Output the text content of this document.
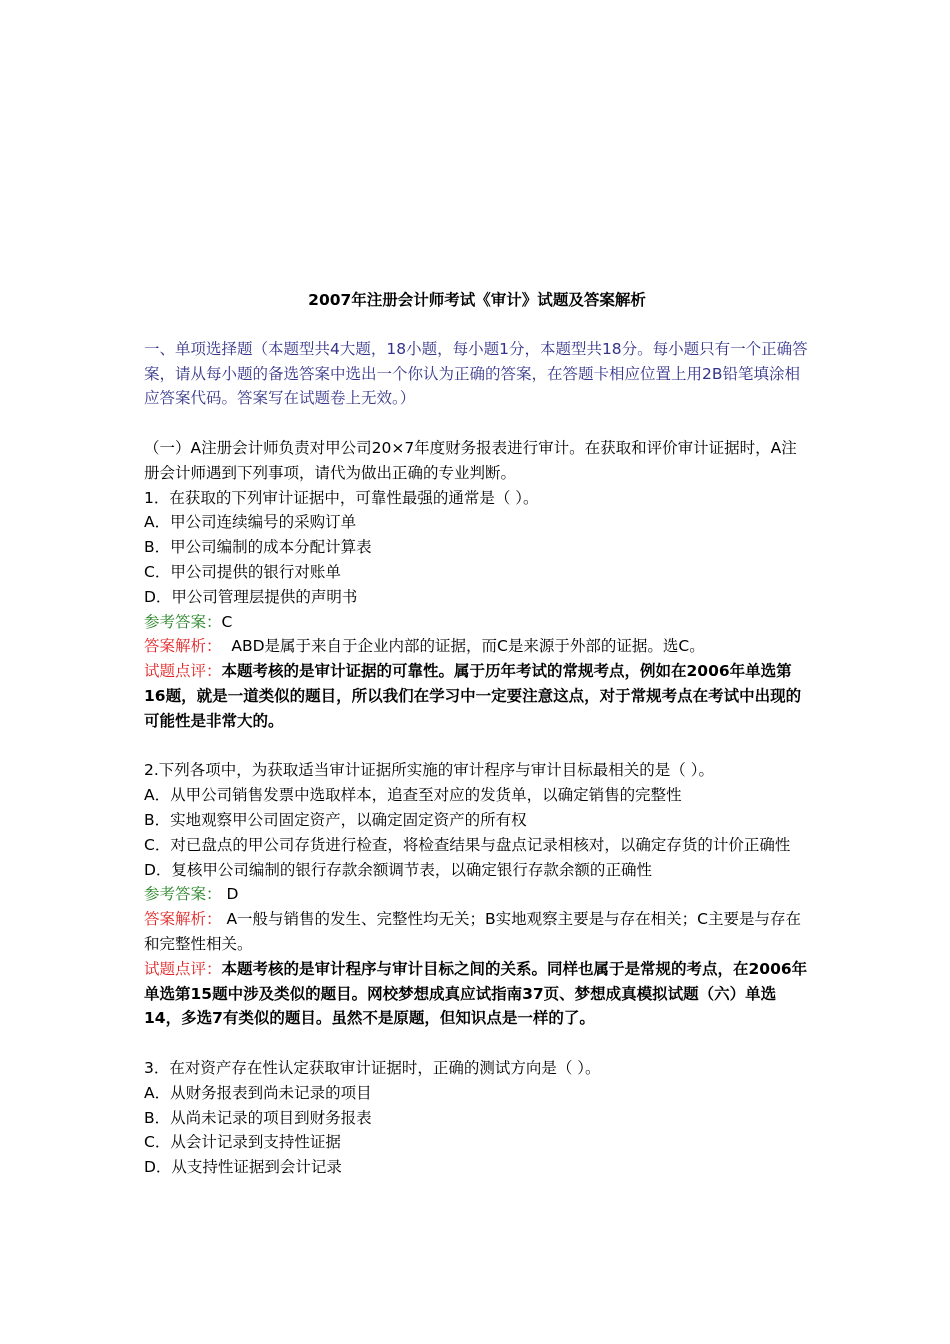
2007年注册会计师考试《审计》试题及答案解析

一、单项选择题（本题型共4大题，18小题，每小题1分，本题型共18分。每小题只有一个正确答案，请从每小题的备选答案中选出一个你认为正确的答案，在答题卡相应位置上用2B铅笔填涂相应答案代码。答案写在试题卷上无效。）

（一）A注册会计师负责对甲公司20×7年度财务报表进行审计。在获取和评价审计证据时，A注册会计师遇到下列事项，请代为做出正确的专业判断。

1．在获取的下列审计证据中，可靠性最强的通常是（ ）。

A．甲公司连续编号的采购订单

B．甲公司编制的成本分配计算表

C．甲公司提供的银行对账单

D．甲公司管理层提供的声明书

参考答案：C

答案解析：  ABD是属于来自于企业内部的证据，而C是来源于外部的证据。选C。

试题点评：本题考核的是审计证据的可靠性。属于历年考试的常规考点，例如在2006年单选第16题，就是一道类似的题目，所以我们在学习中一定要注意这点，对于常规考点在考试中出现的可能性是非常大的。

2.下列各项中，为获取适当审计证据所实施的审计程序与审计目标最相关的是（ ）。

A．从甲公司销售发票中选取样本，追查至对应的发货单，以确定销售的完整性

B．实地观察甲公司固定资产，以确定固定资产的所有权

C．对已盘点的甲公司存货进行检查，将检查结果与盘点记录相核对，以确定存货的计价正确性

D．复核甲公司编制的银行存款余额调节表，以确定银行存款余额的正确性

参考答案： D

答案解析： A一般与销售的发生、完整性均无关；B实地观察主要是与存在相关；C主要是与存在和完整性相关。

试题点评：本题考核的是审计程序与审计目标之间的关系。同样也属于是常规的考点，在2006年单选第15题中涉及类似的题目。网校梦想成真应试指南37页、梦想成真模拟试题（六）单选14，多选7有类似的题目。虽然不是原题，但知识点是一样的了。

3．在对资产存在性认定获取审计证据时，正确的测试方向是（ ）。

A．从财务报表到尚未记录的项目

B．从尚未记录的项目到财务报表

C．从会计记录到支持性证据

D．从支持性证据到会计记录
